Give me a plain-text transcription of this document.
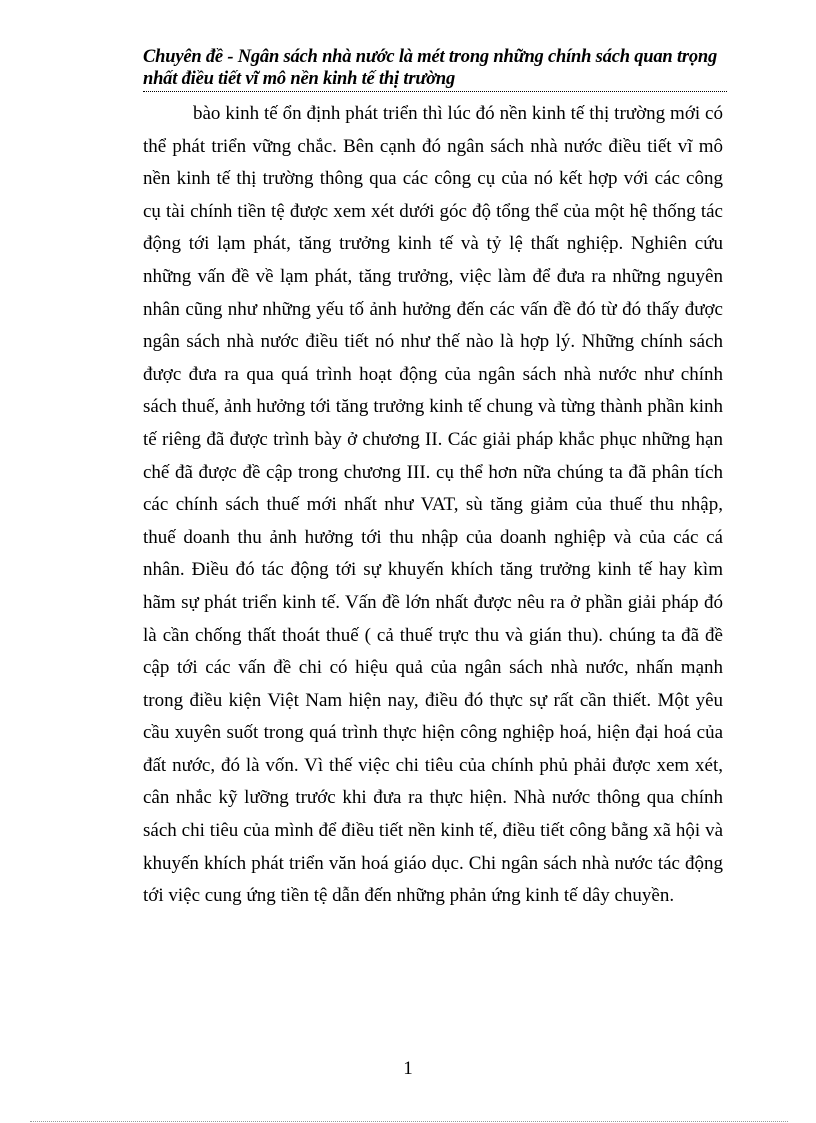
Chuyên đề - Ngân sách nhà nước là mét trong những chính sách quan trọng nhất điều tiết vĩ mô nền kinh tế thị trường

bào kinh tế ổn định phát triển thì lúc đó nền kinh tế thị trường mới có thể phát triển vững chắc. Bên cạnh đó ngân sách nhà nước điều tiết vĩ mô nền kinh tế thị trường thông qua các công cụ của nó kết hợp với các công cụ tài chính tiền tệ được xem xét dưới góc độ tổng thể của một hệ thống tác động tới lạm phát, tăng trưởng kinh tế và tỷ lệ thất nghiệp. Nghiên cứu những vấn đề về lạm phát, tăng trưởng, việc làm để đưa ra những nguyên nhân cũng như những yếu tố ảnh hưởng đến các vấn đề đó từ đó thấy được ngân sách nhà nước điều tiết nó như thế nào là hợp lý. Những chính sách được đưa ra qua quá trình hoạt động của ngân sách nhà nước như chính sách thuế, ảnh hưởng tới tăng trưởng kinh tế chung và từng thành phần kinh tế riêng đã được trình bày ở chương II. Các giải pháp khắc phục những hạn chế đã được đề cập trong chương III. cụ thể hơn nữa chúng ta đã phân tích các chính sách thuế mới nhất như VAT, sù tăng giảm của thuế thu nhập, thuế doanh thu ảnh hưởng tới thu nhập của doanh nghiệp và của các cá nhân. Điều đó tác động tới sự khuyến khích tăng trưởng kinh tế hay kìm hãm sự phát triển kinh tế. Vấn đề lớn nhất được nêu ra ở phần giải pháp đó là cần chống thất thoát thuế ( cả thuế trực thu và gián thu). chúng ta đã đề cập tới các vấn đề chi có hiệu quả của ngân sách nhà nước, nhấn mạnh trong điều kiện Việt Nam hiện nay, điều đó thực sự rất cần thiết. Một yêu cầu xuyên suốt trong quá trình thực hiện công nghiệp hoá, hiện đại hoá của đất nước, đó là vốn. Vì thế việc chi tiêu của chính phủ phải được xem xét, cân nhắc kỹ lưỡng trước khi đưa ra thực hiện. Nhà nước thông qua chính sách chi tiêu của mình để điều tiết nền kinh tế, điều tiết công bằng xã hội và khuyến khích phát triển văn hoá giáo dục. Chi ngân sách nhà nước tác động tới việc cung ứng tiền tệ dẫn đến những phản ứng kinh tế dây chuyền.

1
